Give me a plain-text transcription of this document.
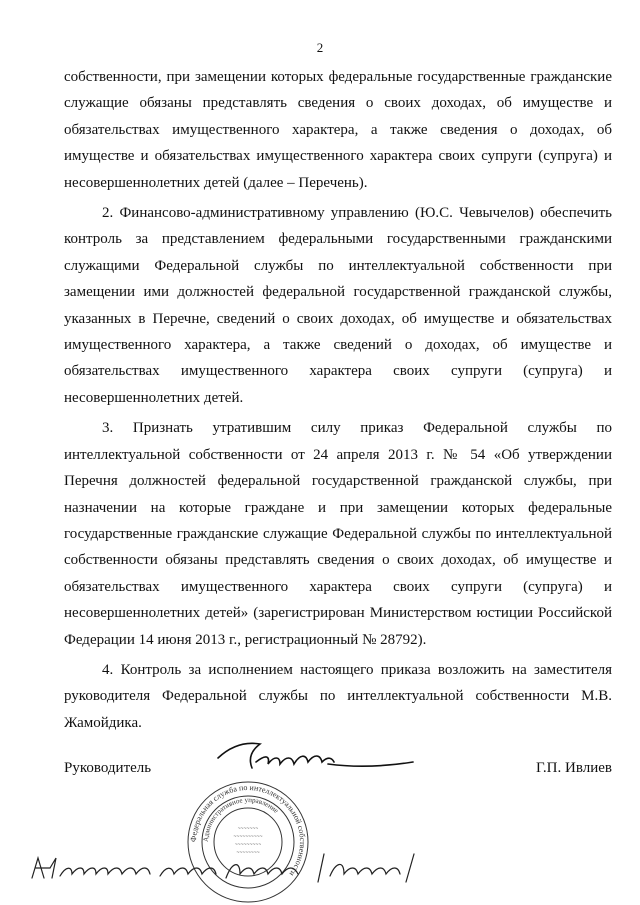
2

собственности, при замещении которых федеральные государственные гражданские служащие обязаны представлять сведения о своих доходах, об имуществе и обязательствах имущественного характера, а также сведения о доходах, об имуществе и обязательствах имущественного характера своих супруги (супруга) и несовершеннолетних детей (далее – Перечень).

2. Финансово-административному управлению (Ю.С. Чевычелов) обеспечить контроль за представлением федеральными государственными гражданскими служащими Федеральной службы по интеллектуальной собственности при замещении ими должностей федеральной государственной гражданской службы, указанных в Перечне, сведений о своих доходах, об имуществе и обязательствах имущественного характера, а также сведений о доходах, об имуществе и обязательствах имущественного характера своих супруги (супруга) и несовершеннолетних детей.

3. Признать утратившим силу приказ Федеральной службы по интеллектуальной собственности от 24 апреля 2013 г. № 54 «Об утверждении Перечня должностей федеральной государственной гражданской службы, при назначении на которые граждане и при замещении которых федеральные государственные гражданские служащие Федеральной службы по интеллектуальной собственности обязаны представлять сведения о своих доходах, об имуществе и обязательствах имущественного характера своих супруги (супруга) и несовершеннолетних детей» (зарегистрирован Министерством юстиции Российской Федерации 14 июня 2013 г., регистрационный № 28792).

4. Контроль за исполнением настоящего приказа возложить на заместителя руководителя Федеральной службы по интеллектуальной собственности М.В. Жамойдика.

Руководитель	Г.П. Ивлиев
Федеральная служба по интеллектуальной собственности
Административное управление
~~~~~~~
~~~~~~~~~~
~~~~~~~~~
~~~~~~~~
